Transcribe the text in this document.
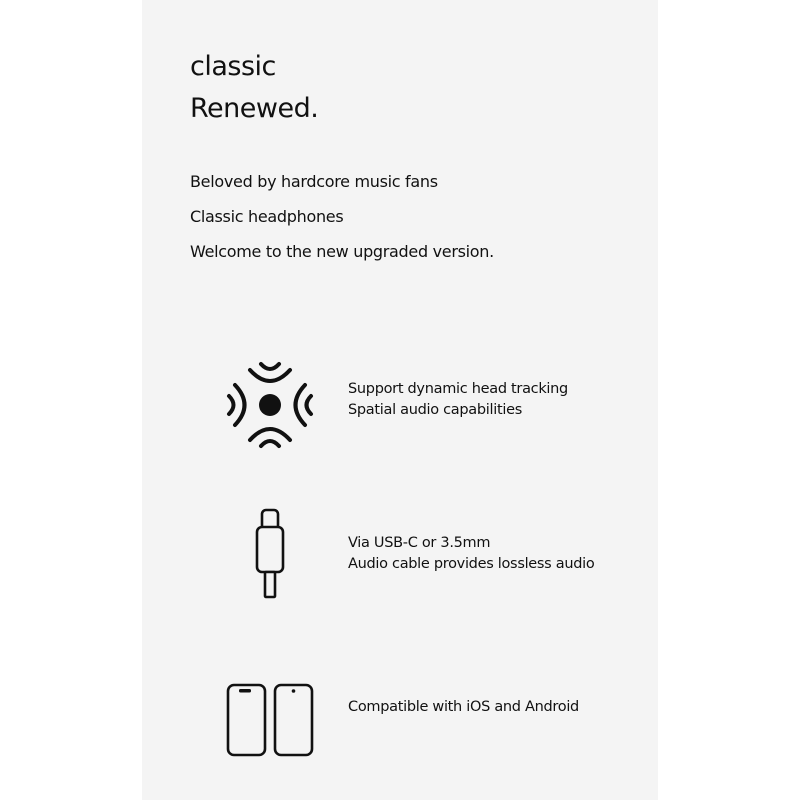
classic
Renewed.
Beloved by hardcore music fans
Classic headphones
Welcome to the new upgraded version.
Support dynamic head tracking
Spatial audio capabilities
Via USB-C or 3.5mm
Audio cable provides lossless audio
Compatible with iOS and Android
